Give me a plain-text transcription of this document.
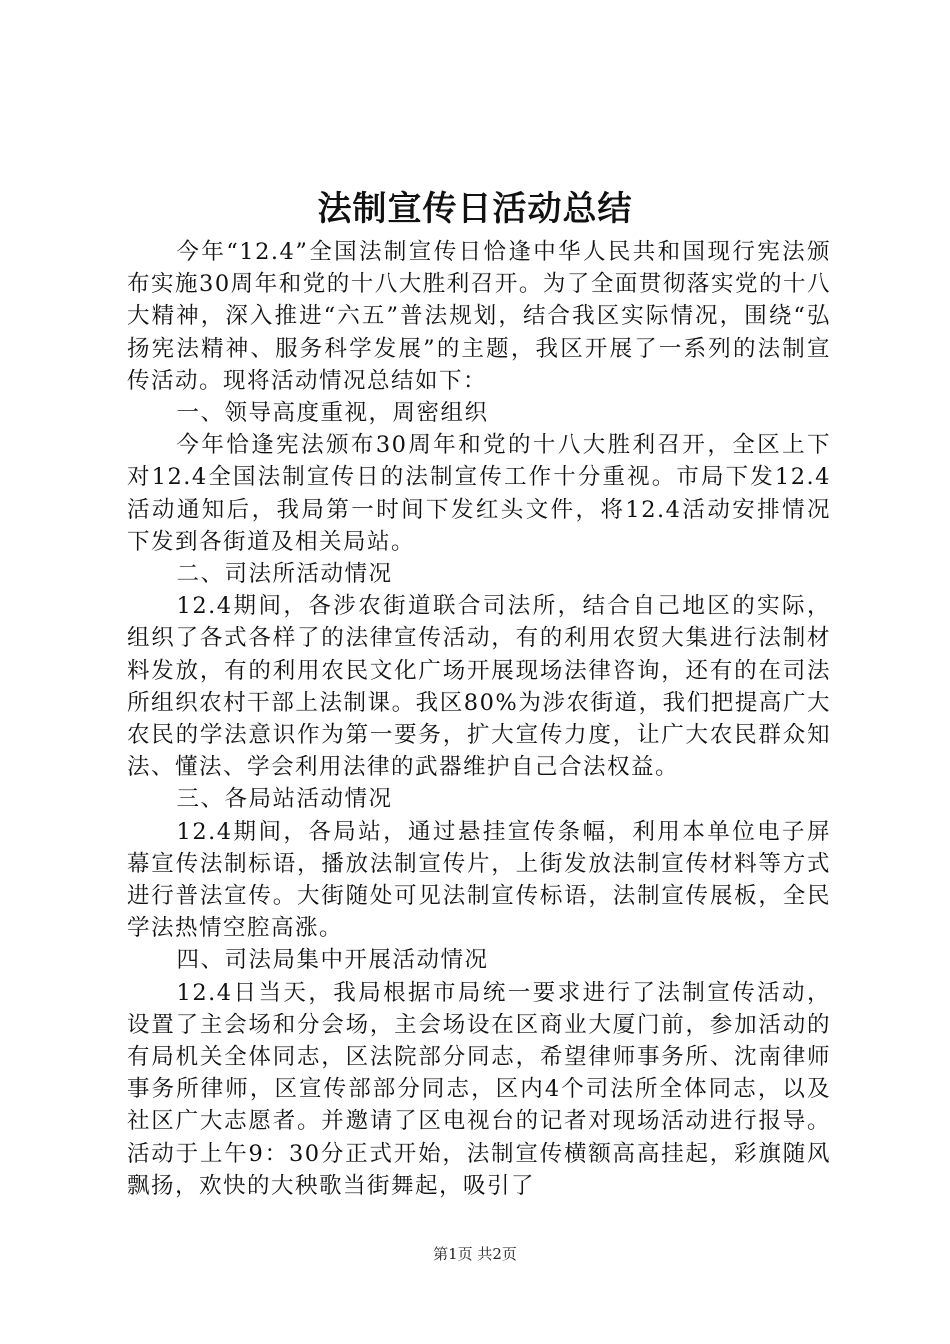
法制宣传日活动总结

今年“12.4”全国法制宣传日恰逢中华人民共和国现行宪法颁布实施30周年和党的十八大胜利召开。为了全面贯彻落实党的十八大精神，深入推进“六五”普法规划，结合我区实际情况，围绕“弘扬宪法精神、服务科学发展”的主题，我区开展了一系列的法制宣传活动。现将活动情况总结如下：

一、领导高度重视，周密组织

今年恰逢宪法颁布30周年和党的十八大胜利召开，全区上下对12.4全国法制宣传日的法制宣传工作十分重视。市局下发12.4活动通知后，我局第一时间下发红头文件，将12.4活动安排情况下发到各街道及相关局站。

二、司法所活动情况

12.4期间，各涉农街道联合司法所，结合自己地区的实际，组织了各式各样了的法律宣传活动，有的利用农贸大集进行法制材料发放，有的利用农民文化广场开展现场法律咨询，还有的在司法所组织农村干部上法制课。我区80%为涉农街道，我们把提高广大农民的学法意识作为第一要务，扩大宣传力度，让广大农民群众知法、懂法、学会利用法律的武器维护自己合法权益。

三、各局站活动情况

12.4期间，各局站，通过悬挂宣传条幅，利用本单位电子屏幕宣传法制标语，播放法制宣传片，上街发放法制宣传材料等方式进行普法宣传。大街随处可见法制宣传标语，法制宣传展板，全民学法热情空腔高涨。

四、司法局集中开展活动情况

12.4日当天，我局根据市局统一要求进行了法制宣传活动，设置了主会场和分会场，主会场设在区商业大厦门前，参加活动的有局机关全体同志，区法院部分同志，希望律师事务所、沈南律师事务所律师，区宣传部部分同志，区内4个司法所全体同志，以及社区广大志愿者。并邀请了区电视台的记者对现场活动进行报导。活动于上午9：30分正式开始，法制宣传横额高高挂起，彩旗随风飘扬，欢快的大秧歌当街舞起，吸引了

第1页 共2页
